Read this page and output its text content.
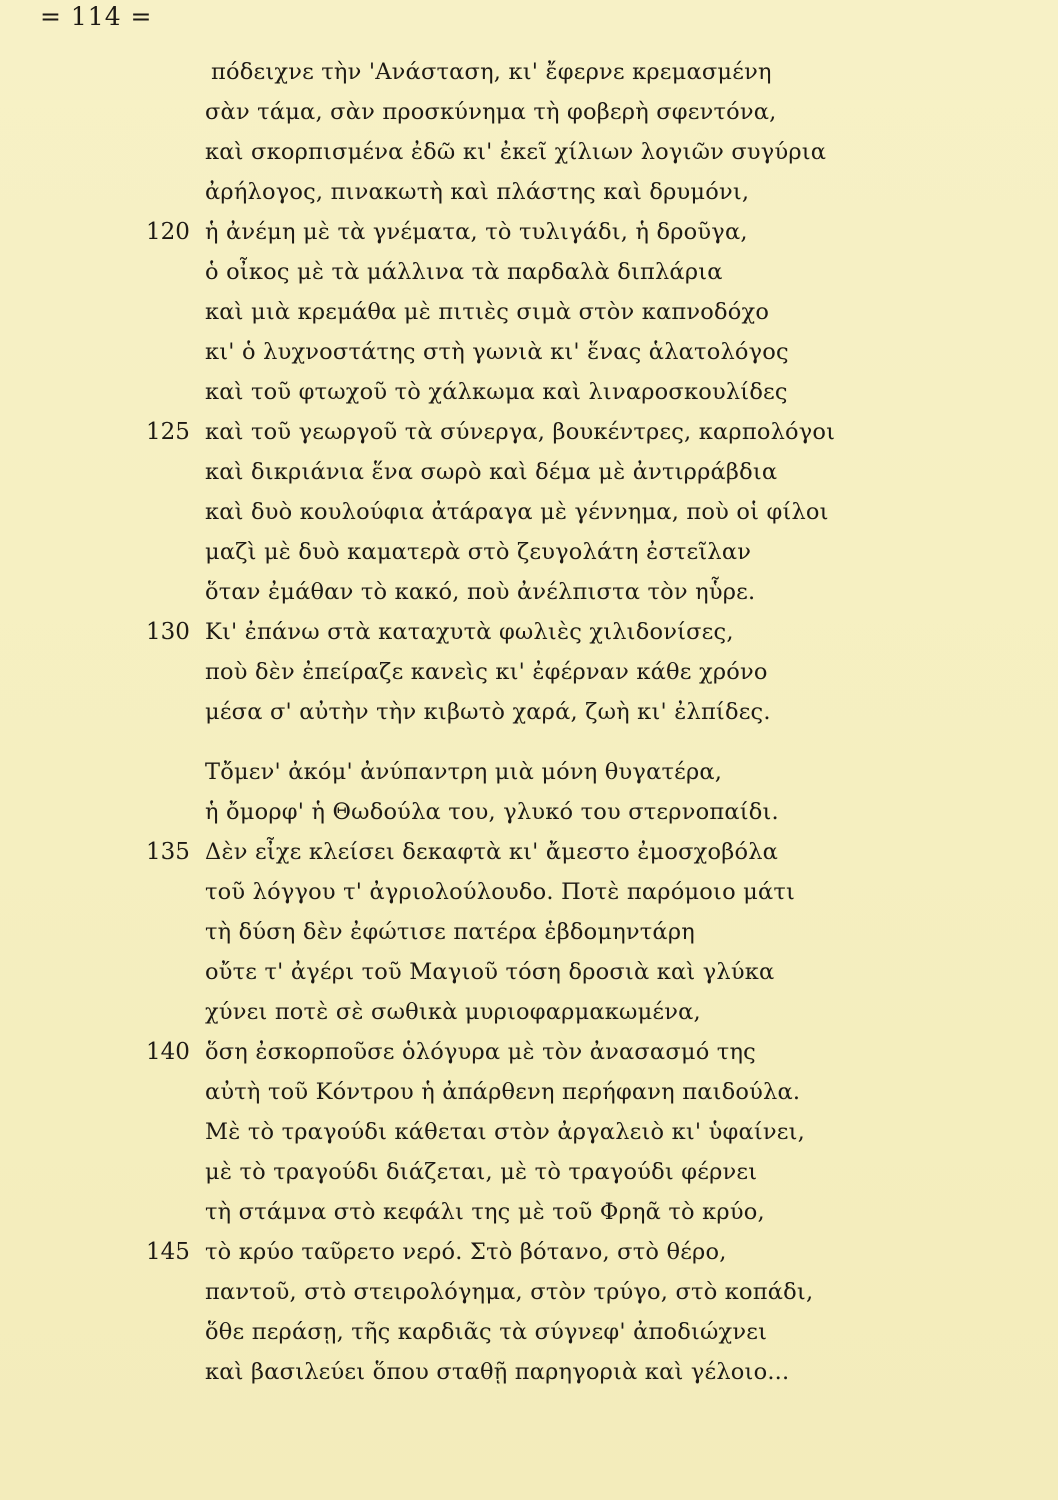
= 114 =
πόδειχνε τὴν 'Ανάσταση, κι' ἔφερνε κρεμασμένη
σὰν τάμα, σὰν προσκύνημα τὴ φοβερὴ σφεντόνα,
καὶ σκορπισμένα ἐδῶ κι' ἐκεῖ χίλιων λογιῶν συγύρια
ἀρήλογος, πινακωτὴ καὶ πλάστης καὶ δρυμόνι,
120 ἡ ἀνέμη μὲ τὰ γνέματα, τὸ τυλιγάδι, ἡ δροῦγα,
ὁ οἶκος μὲ τὰ μάλλινα τὰ παρδαλὰ διπλάρια
καὶ μιὰ κρεμάθα μὲ πιτιὲς σιμὰ στὸν καπνοδόχο
κι' ὁ λυχνοστάτης στὴ γωνιὰ κι' ἕνας ἁλατολόγος
καὶ τοῦ φτωχοῦ τὸ χάλκωμα καὶ λιναροσκουλίδες
125 καὶ τοῦ γεωργοῦ τὰ σύνεργα, βουκέντρες, καρπολόγοι
καὶ δικριάνια ἕνα σωρὸ καὶ δέμα μὲ ἀντιρράβδια
καὶ δυὸ κουλούφια ἀτάραγα μὲ γέννημα, ποὺ οἱ φίλοι
μαζὶ μὲ δυὸ καματερὰ στὸ ζευγολάτη ἐστεῖλαν
ὅταν ἐμάθαν τὸ κακό, ποὺ ἀνέλπιστα τὸν ηὗρε.
130 Κι' ἐπάνω στὰ καταχυτὰ φωλιὲς χιλιδονίσες,
ποὺ δὲν ἐπείραζε κανεὶς κι' ἐφέρναν κάθε χρόνο
μέσα σ' αὐτὴν τὴν κιβωτὸ χαρά, ζωὴ κι' ἐλπίδες.
Τὄμεν' ἀκόμ' ἀνύπαντρη μιὰ μόνη θυγατέρα,
ἡ ὄμορφ' ἡ Θωδούλα του, γλυκό του στερνοπαίδι.
135 Δὲν εἶχε κλείσει δεκαφτὰ κι' ἄμεστο ἐμοσχοβόλα
τοῦ λόγγου τ' ἀγριολούλουδο. Ποτὲ παρόμοιο μάτι
τὴ δύση δὲν ἐφώτισε πατέρα ἑβδομηντάρη
οὔτε τ' ἀγέρι τοῦ Μαγιοῦ τόση δροσιὰ καὶ γλύκα
χύνει ποτὲ σὲ σωθικὰ μυριοφαρμακωμένα,
140 ὅση ἐσκορποῦσε ὁλόγυρα μὲ τὸν ἀνασασμό της
αὐτὴ τοῦ Κόντρου ἡ ἀπάρθενη περήφανη παιδούλα.
Μὲ τὸ τραγούδι κάθεται στὸν ἀργαλειὸ κι' ὑφαίνει,
μὲ τὸ τραγούδι διάζεται, μὲ τὸ τραγούδι φέρνει
τὴ στάμνα στὸ κεφάλι της μὲ τοῦ Φρηᾶ τὸ κρύο,
145 τὸ κρύο ταῦρετο νερό. Στὸ βότανο, στὸ θέρο,
παντοῦ, στὸ στειρολόγημα, στὸν τρύγο, στὸ κοπάδι,
ὅθε περάσῃ, τῆς καρδιᾶς τὰ σύγνεφ' ἀποδιώχνει
καὶ βασιλεύει ὅπου σταθῇ παρηγοριὰ καὶ γέλοιο...
